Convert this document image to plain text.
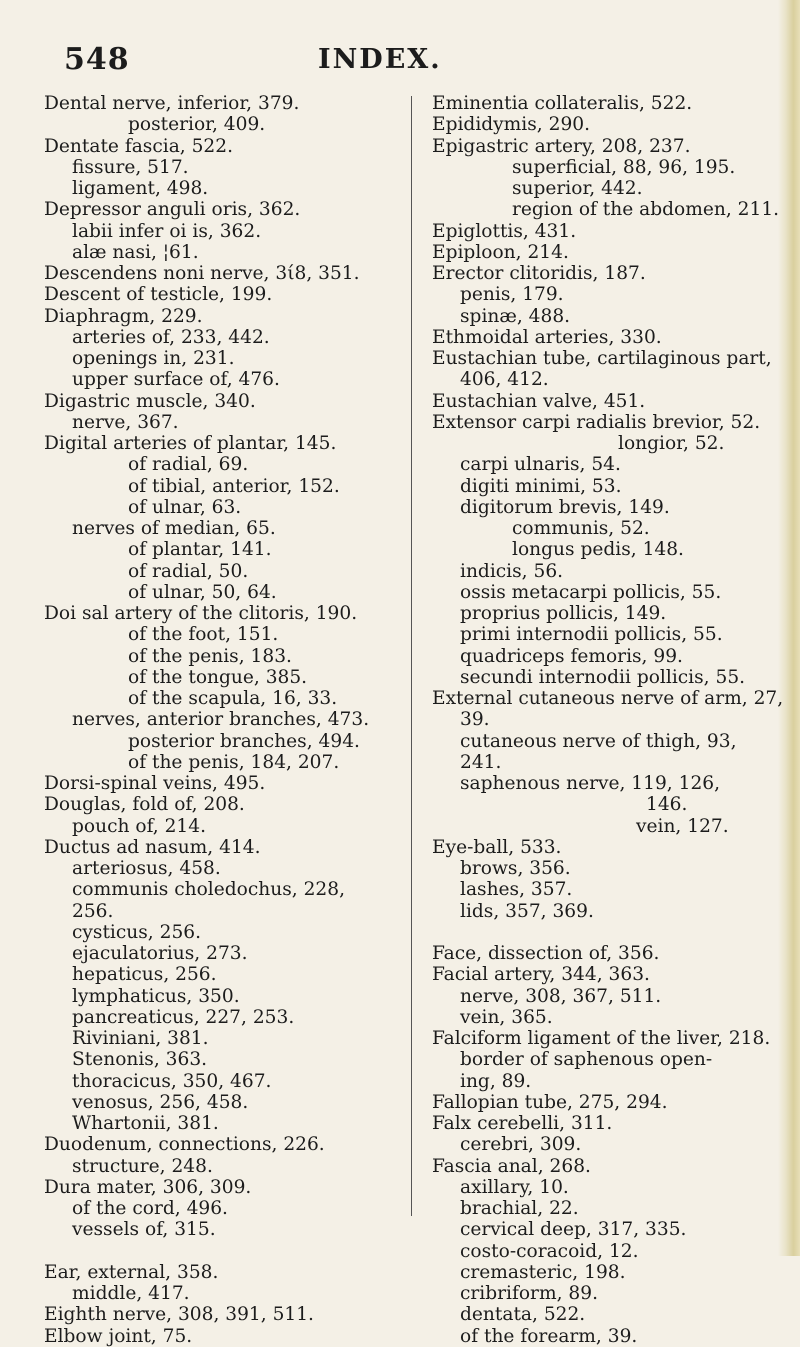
548	INDEX.
Dental nerve, inferior, 379.
posterior, 409.
Dentate fascia, 522.
fissure, 517.
ligament, 498.
Depressor anguli oris, 362.
labii infer oi is, 362.
alæ nasi, ¦61.
Descendens noni nerve, 3ί8, 351.
Descent of testicle, 199.
Diaphragm, 229.
arteries of, 233, 442.
openings in, 231.
upper surface of, 476.
Digastric muscle, 340.
nerve, 367.
Digital arteries of plantar, 145.
of radial, 69.
of tibial, anterior, 152.
of ulnar, 63.
nerves of median, 65.
of plantar, 141.
of radial, 50.
of ulnar, 50, 64.
Doi sal artery of the clitoris, 190.
of the foot, 151.
of the penis, 183.
of the tongue, 385.
of the scapula, 16, 33.
nerves, anterior branches, 473.
posterior branches, 494.
of the penis, 184, 207.
Dorsi-spinal veins, 495.
Douglas, fold of, 208.
pouch of, 214.
Ductus ad nasum, 414.
arteriosus, 458.
communis choledochus, 228,
256.
cysticus, 256.
ejaculatorius, 273.
hepaticus, 256.
lymphaticus, 350.
pancreaticus, 227, 253.
Riviniani, 381.
Stenonis, 363.
thoracicus, 350, 467.
venosus, 256, 458.
Whartonii, 381.
Duodenum, connections, 226.
structure, 248.
Dura mater, 306, 309.
of the cord, 496.
vessels of, 315.
Ear, external, 358.
middle, 417.
Eighth nerve, 308, 391, 511.
Elbow joint, 75.
Eminentia collateralis, 522.
Epididymis, 290.
Epigastric artery, 208, 237.
superficial, 88, 96, 195.
superior, 442.
region of the abdomen, 211.
Epiglottis, 431.
Epiploon, 214.
Erector clitoridis, 187.
penis, 179.
spinæ, 488.
Ethmoidal arteries, 330.
Eustachian tube, cartilaginous part,
406, 412.
Eustachian valve, 451.
Extensor carpi radialis brevior, 52.
longior, 52.
carpi ulnaris, 54.
digiti minimi, 53.
digitorum brevis, 149.
communis, 52.
longus pedis, 148.
indicis, 56.
ossis metacarpi pollicis, 55.
proprius pollicis, 149.
primi internodii pollicis, 55.
quadriceps femoris, 99.
secundi internodii pollicis, 55.
External cutaneous nerve of arm, 27,
39.
cutaneous nerve of thigh, 93,
241.
saphenous nerve, 119, 126,
146.
vein, 127.
Eye-ball, 533.
brows, 356.
lashes, 357.
lids, 357, 369.
Face, dissection of, 356.
Facial artery, 344, 363.
nerve, 308, 367, 511.
vein, 365.
Falciform ligament of the liver, 218.
border of saphenous open-
ing, 89.
Fallopian tube, 275, 294.
Falx cerebelli, 311.
cerebri, 309.
Fascia anal, 268.
axillary, 10.
brachial, 22.
cervical deep, 317, 335.
costo-coracoid, 12.
cremasteric, 198.
cribriform, 89.
dentata, 522.
of the forearm, 39.
